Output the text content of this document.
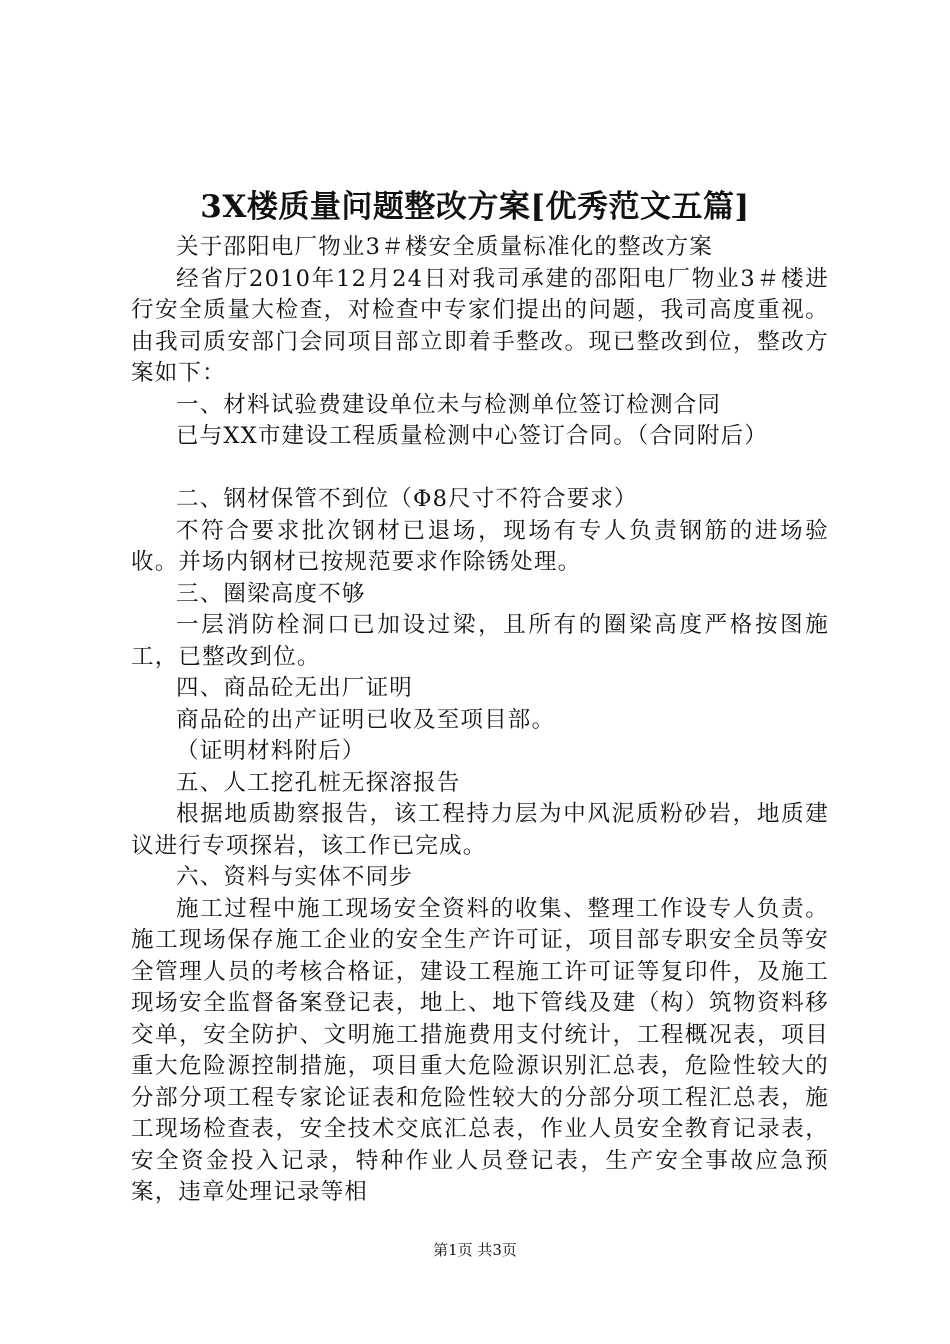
3X楼质量问题整改方案[优秀范文五篇]

关于邵阳电厂物业3＃楼安全质量标准化的整改方案

经省厅2010年12月24日对我司承建的邵阳电厂物业3＃楼进行安全质量大检查，对检查中专家们提出的问题，我司高度重视。由我司质安部门会同项目部立即着手整改。现已整改到位，整改方案如下：

一、材料试验费建设单位未与检测单位签订检测合同

已与XX市建设工程质量检测中心签订合同。（合同附后）

二、钢材保管不到位（Φ8尺寸不符合要求）

不符合要求批次钢材已退场，现场有专人负责钢筋的进场验收。并场内钢材已按规范要求作除锈处理。

三、圈梁高度不够

一层消防栓洞口已加设过梁，且所有的圈梁高度严格按图施工，已整改到位。

四、商品砼无出厂证明

商品砼的出产证明已收及至项目部。

（证明材料附后）

五、人工挖孔桩无探溶报告

根据地质勘察报告，该工程持力层为中风泥质粉砂岩，地质建议进行专项探岩，该工作已完成。

六、资料与实体不同步

施工过程中施工现场安全资料的收集、整理工作设专人负责。施工现场保存施工企业的安全生产许可证，项目部专职安全员等安全管理人员的考核合格证，建设工程施工许可证等复印件，及施工现场安全监督备案登记表，地上、地下管线及建（构）筑物资料移交单，安全防护、文明施工措施费用支付统计，工程概况表，项目重大危险源控制措施，项目重大危险源识别汇总表，危险性较大的分部分项工程专家论证表和危险性较大的分部分项工程汇总表，施工现场检查表，安全技术交底汇总表，作业人员安全教育记录表，安全资金投入记录，特种作业人员登记表，生产安全事故应急预案，违章处理记录等相

第1页 共3页
